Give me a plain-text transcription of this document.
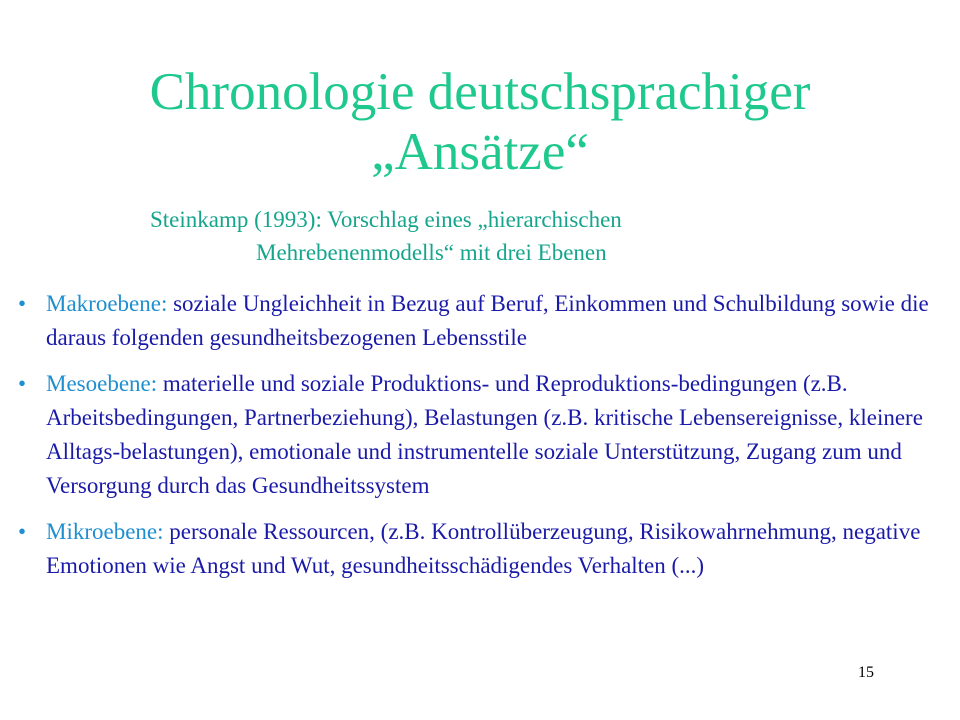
Chronologie deutschsprachiger
„Ansätze“

Steinkamp (1993): Vorschlag eines „hierarchischen
Mehrebenenmodells“ mit drei Ebenen

• Makroebene: soziale Ungleichheit in Bezug auf Beruf, Einkommen und Schulbildung sowie die daraus folgenden gesundheitsbezogenen Lebensstile
• Mesoebene: materielle und soziale Produktions- und Reproduktions-bedingungen (z.B. Arbeitsbedingungen, Partnerbeziehung), Belastungen (z.B. kritische Lebensereignisse, kleinere Alltags-belastungen), emotionale und instrumentelle soziale Unterstützung, Zugang zum und Versorgung durch das Gesundheitssystem
• Mikroebene: personale Ressourcen, (z.B. Kontrollüberzeugung, Risikowahrnehmung, negative Emotionen wie Angst und Wut, gesundheitsschädigendes Verhalten (...)
15
